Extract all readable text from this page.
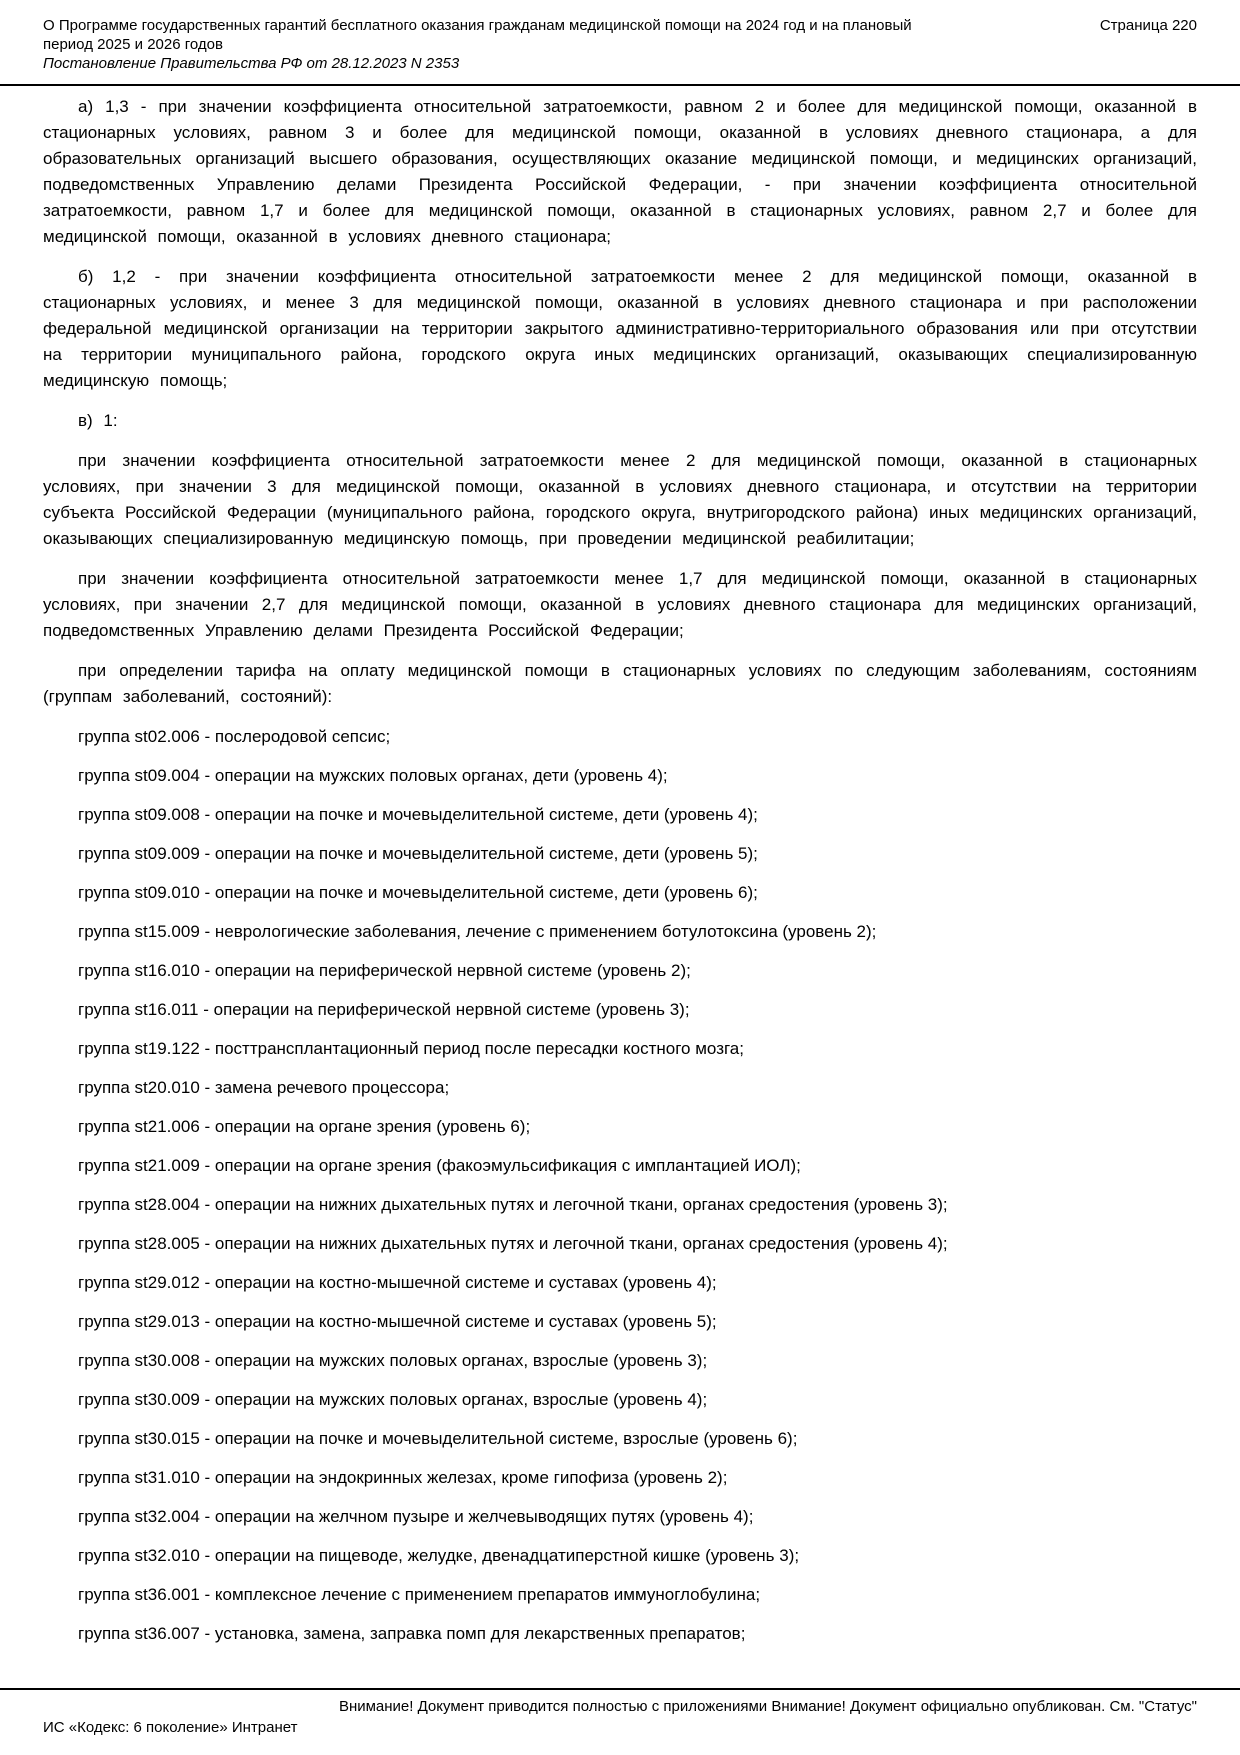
О Программе государственных гарантий бесплатного оказания гражданам медицинской помощи на 2024 год и на плановый период 2025 и 2026 годов
Страница 220
Постановление Правительства РФ от 28.12.2023 N 2353
а) 1,3 - при значении коэффициента относительной затратоемкости, равном 2 и более для медицинской помощи, оказанной в стационарных условиях, равном 3 и более для медицинской помощи, оказанной в условиях дневного стационара, а для образовательных организаций высшего образования, осуществляющих оказание медицинской помощи, и медицинских организаций, подведомственных Управлению делами Президента Российской Федерации, - при значении коэффициента относительной затратоемкости, равном 1,7 и более для медицинской помощи, оказанной в стационарных условиях, равном 2,7 и более для медицинской помощи, оказанной в условиях дневного стационара;
б) 1,2 - при значении коэффициента относительной затратоемкости менее 2 для медицинской помощи, оказанной в стационарных условиях, и менее 3 для медицинской помощи, оказанной в условиях дневного стационара и при расположении федеральной медицинской организации на территории закрытого административно-территориального образования или при отсутствии на территории муниципального района, городского округа иных медицинских организаций, оказывающих специализированную медицинскую помощь;
в) 1:
при значении коэффициента относительной затратоемкости менее 2 для медицинской помощи, оказанной в стационарных условиях, при значении 3 для медицинской помощи, оказанной в условиях дневного стационара, и отсутствии на территории субъекта Российской Федерации (муниципального района, городского округа, внутригородского района) иных медицинских организаций, оказывающих специализированную медицинскую помощь, при проведении медицинской реабилитации;
при значении коэффициента относительной затратоемкости менее 1,7 для медицинской помощи, оказанной в стационарных условиях, при значении 2,7 для медицинской помощи, оказанной в условиях дневного стационара для медицинских организаций, подведомственных Управлению делами Президента Российской Федерации;
при определении тарифа на оплату медицинской помощи в стационарных условиях по следующим заболеваниям, состояниям (группам заболеваний, состояний):
группа st02.006 - послеродовой сепсис;
группа st09.004 - операции на мужских половых органах, дети (уровень 4);
группа st09.008 - операции на почке и мочевыделительной системе, дети (уровень 4);
группа st09.009 - операции на почке и мочевыделительной системе, дети (уровень 5);
группа st09.010 - операции на почке и мочевыделительной системе, дети (уровень 6);
группа st15.009 - неврологические заболевания, лечение с применением ботулотоксина (уровень 2);
группа st16.010 - операции на периферической нервной системе (уровень 2);
группа st16.011 - операции на периферической нервной системе (уровень 3);
группа st19.122 - посттрансплантационный период после пересадки костного мозга;
группа st20.010 - замена речевого процессора;
группа st21.006 - операции на органе зрения (уровень 6);
группа st21.009 - операции на органе зрения (факоэмульсификация с имплантацией ИОЛ);
группа st28.004 - операции на нижних дыхательных путях и легочной ткани, органах средостения (уровень 3);
группа st28.005 - операции на нижних дыхательных путях и легочной ткани, органах средостения (уровень 4);
группа st29.012 - операции на костно-мышечной системе и суставах (уровень 4);
группа st29.013 - операции на костно-мышечной системе и суставах (уровень 5);
группа st30.008 - операции на мужских половых органах, взрослые (уровень 3);
группа st30.009 - операции на мужских половых органах, взрослые (уровень 4);
группа st30.015 - операции на почке и мочевыделительной системе, взрослые (уровень 6);
группа st31.010 - операции на эндокринных железах, кроме гипофиза (уровень 2);
группа st32.004 - операции на желчном пузыре и желчевыводящих путях (уровень 4);
группа st32.010 - операции на пищеводе, желудке, двенадцатиперстной кишке (уровень 3);
группа st36.001 - комплексное лечение с применением препаратов иммуноглобулина;
группа st36.007 - установка, замена, заправка помп для лекарственных препаратов;
Внимание! Документ приводится полностью с приложениями Внимание! Документ официально опубликован. См. "Статус"
ИС «Кодекс: 6 поколение» Интранет
